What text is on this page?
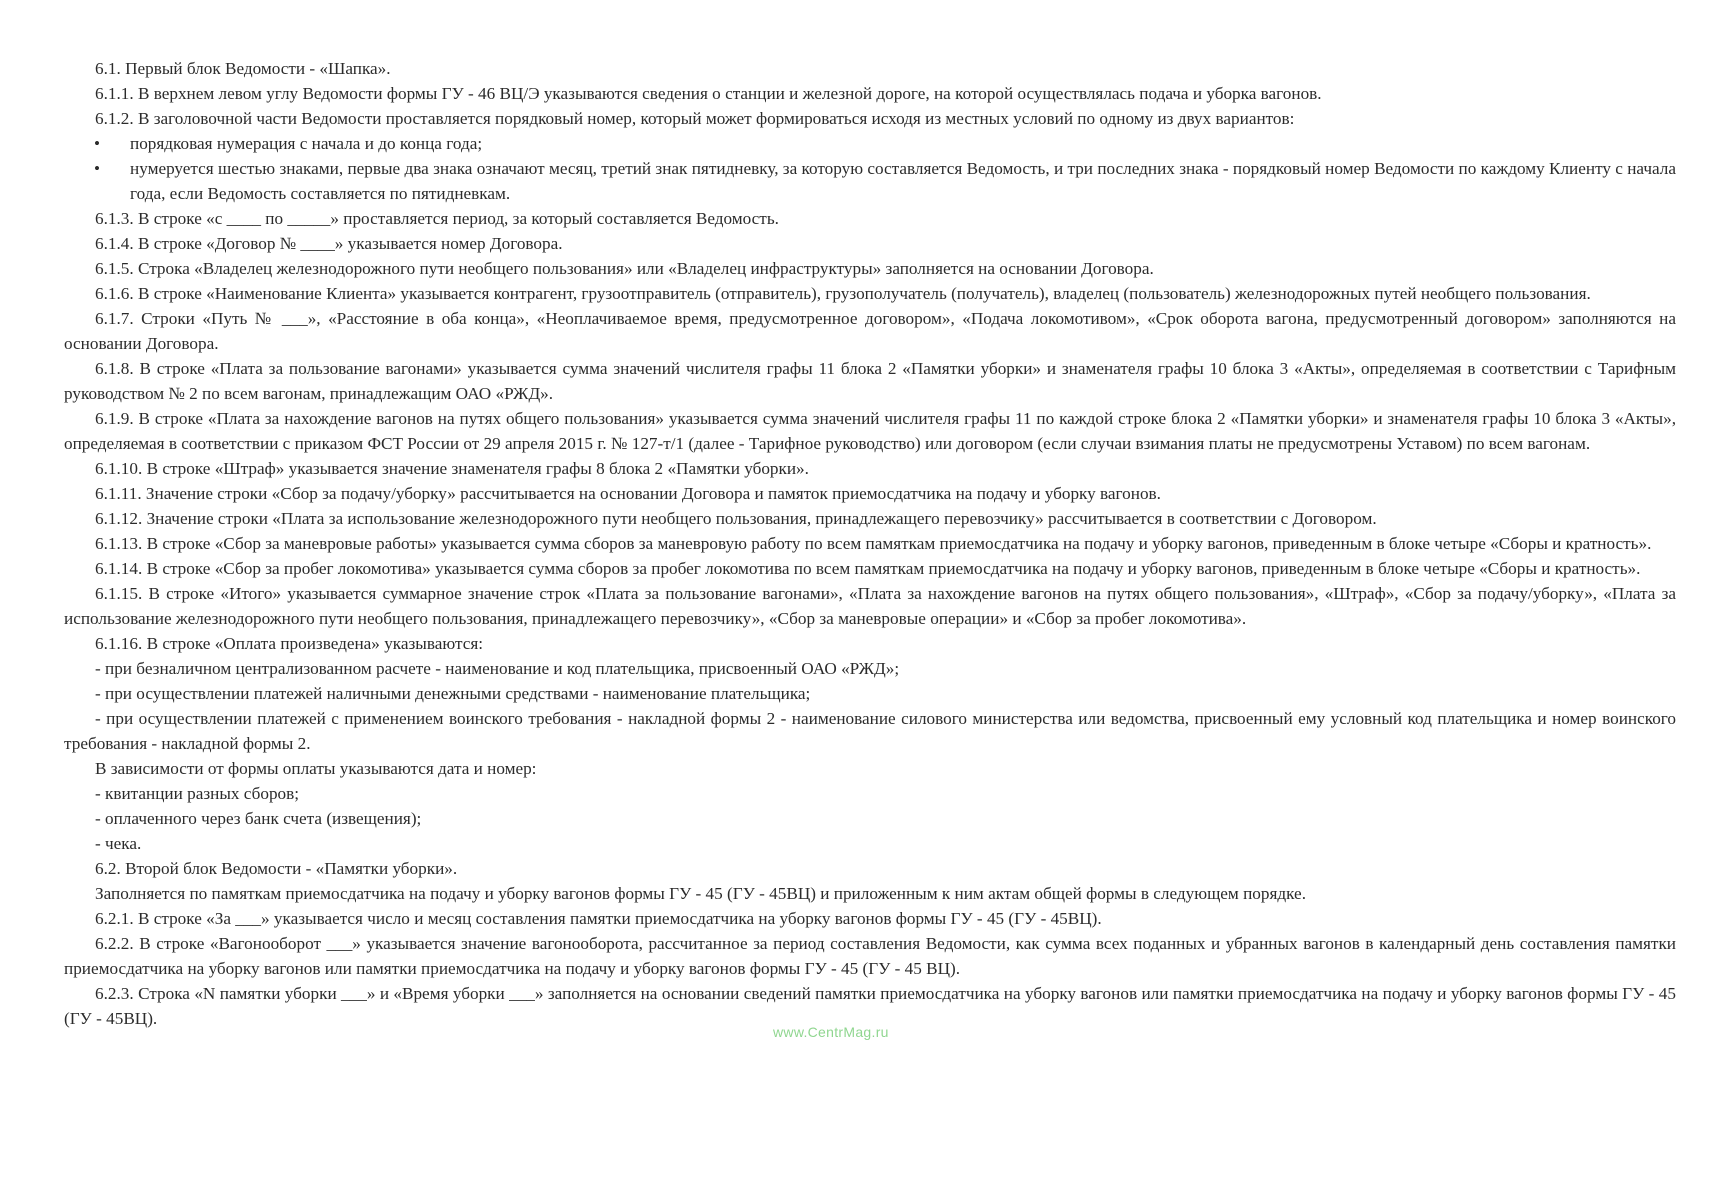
6.1. Первый блок Ведомости - «Шапка».

6.1.1. В верхнем левом углу Ведомости формы ГУ - 46 ВЦ/Э указываются сведения о станции и железной дороге, на которой осуществлялась подача и уборка вагонов.

6.1.2. В заголовочной части Ведомости проставляется порядковый номер, который может формироваться исходя из местных условий по одному из двух вариантов:

• порядковая нумерация с начала и до конца года;
• нумеруется шестью знаками, первые два знака означают месяц, третий знак пятидневку, за которую составляется Ведомость, и три последних знака - порядковый номер Ведомости по каждому Клиенту с начала года, если Ведомость составляется по пятидневкам.

6.1.3. В строке «с ____ по _____» проставляется период, за который составляется Ведомость.

6.1.4. В строке «Договор № ____» указывается номер Договора.

6.1.5. Строка «Владелец железнодорожного пути необщего пользования» или «Владелец инфраструктуры» заполняется на основании Договора.

6.1.6. В строке «Наименование Клиента» указывается контрагент, грузоотправитель (отправитель), грузополучатель (получатель), владелец (пользователь) железнодорожных путей необщего пользования.

6.1.7. Строки «Путь № ___», «Расстояние в оба конца», «Неоплачиваемое время, предусмотренное договором», «Подача локомотивом», «Срок оборота вагона, предусмотренный договором» заполняются на основании Договора.

6.1.8. В строке «Плата за пользование вагонами» указывается сумма значений числителя графы 11 блока 2 «Памятки уборки» и знаменателя графы 10 блока 3 «Акты», определяемая в соответствии с Тарифным руководством № 2 по всем вагонам, принадлежащим ОАО «РЖД».

6.1.9. В строке «Плата за нахождение вагонов на путях общего пользования» указывается сумма значений числителя графы 11 по каждой строке блока 2 «Памятки уборки» и знаменателя графы 10 блока 3 «Акты», определяемая в соответствии с приказом ФСТ России от 29 апреля 2015 г. № 127-т/1 (далее - Тарифное руководство) или договором (если случаи взимания платы не предусмотрены Уставом) по всем вагонам.

6.1.10. В строке «Штраф» указывается значение знаменателя графы 8 блока 2 «Памятки уборки».

6.1.11. Значение строки «Сбор за подачу/уборку» рассчитывается на основании Договора и памяток приемосдатчика на подачу и уборку вагонов.

6.1.12. Значение строки «Плата за использование железнодорожного пути необщего пользования, принадлежащего перевозчику» рассчитывается в соответствии с Договором.

6.1.13. В строке «Сбор за маневровые работы» указывается сумма сборов за маневровую работу по всем памяткам приемосдатчика на подачу и уборку вагонов, приведенным в блоке четыре «Сборы и кратность».

6.1.14. В строке «Сбор за пробег локомотива» указывается сумма сборов за пробег локомотива по всем памяткам приемосдатчика на подачу и уборку вагонов, приведенным в блоке четыре «Сборы и кратность».

6.1.15. В строке «Итого» указывается суммарное значение строк «Плата за пользование вагонами», «Плата за нахождение вагонов на путях общего пользования», «Штраф», «Сбор за подачу/уборку», «Плата за использование железнодорожного пути необщего пользования, принадлежащего перевозчику», «Сбор за маневровые операции» и «Сбор за пробег локомотива».

6.1.16. В строке «Оплата произведена» указываются:

- при безналичном централизованном расчете - наименование и код плательщика, присвоенный ОАО «РЖД»;

- при осуществлении платежей наличными денежными средствами - наименование плательщика;

- при осуществлении платежей с применением воинского требования - накладной формы 2 - наименование силового министерства или ведомства, присвоенный ему условный код плательщика и номер воинского требования - накладной формы 2.

В зависимости от формы оплаты указываются дата и номер:

- квитанции разных сборов;

- оплаченного через банк счета (извещения);

- чека.

6.2. Второй блок Ведомости - «Памятки уборки».

Заполняется по памяткам приемосдатчика на подачу и уборку вагонов формы ГУ - 45 (ГУ - 45ВЦ) и приложенным к ним актам общей формы в следующем порядке.

6.2.1. В строке «За ___» указывается число и месяц составления памятки приемосдатчика на уборку вагонов формы ГУ - 45 (ГУ - 45ВЦ).

6.2.2. В строке «Вагонооборот ___» указывается значение вагонооборота, рассчитанное за период составления Ведомости, как сумма всех поданных и убранных вагонов в календарный день составления памятки приемосдатчика на уборку вагонов или памятки приемосдатчика на подачу и уборку вагонов формы ГУ - 45 (ГУ - 45 ВЦ).

6.2.3. Строка «N памятки уборки ___» и «Время уборки ___» заполняется на основании сведений памятки приемосдатчика на уборку вагонов или памятки приемосдатчика на подачу и уборку вагонов формы ГУ - 45 (ГУ - 45ВЦ).

www.CentrMag.ru
